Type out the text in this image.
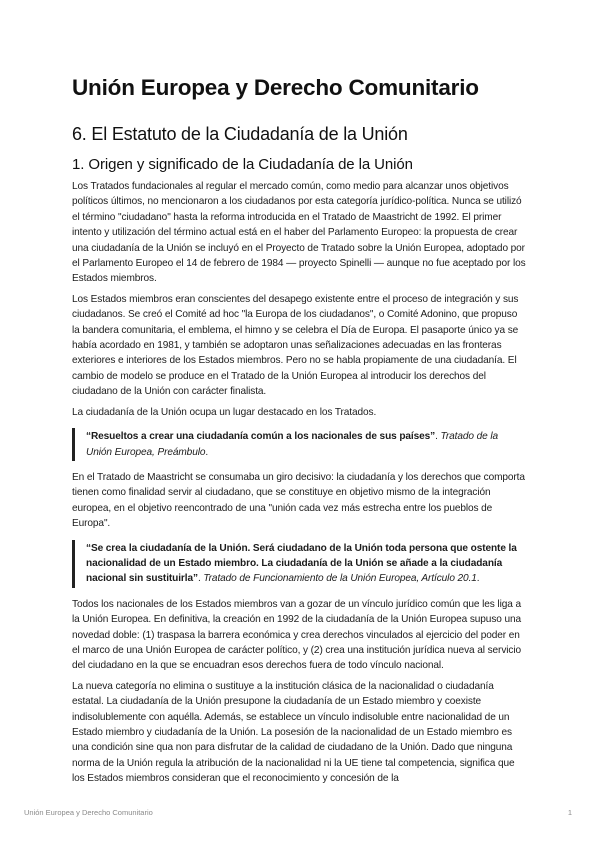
Unión Europea y Derecho Comunitario
6. El Estatuto de la Ciudadanía de la Unión
1. Origen y significado de la Ciudadanía de la Unión

Los Tratados fundacionales al regular el mercado común, como medio para alcanzar unos objetivos políticos últimos, no mencionaron a los ciudadanos por esta categoría jurídico-política. Nunca se utilizó el término "ciudadano" hasta la reforma introducida en el Tratado de Maastricht de 1992. El primer intento y utilización del término actual está en el haber del Parlamento Europeo: la propuesta de crear una ciudadanía de la Unión se incluyó en el Proyecto de Tratado sobre la Unión Europea, adoptado por el Parlamento Europeo el 14 de febrero de 1984 — proyecto Spinelli — aunque no fue aceptado por los Estados miembros.

Los Estados miembros eran conscientes del desapego existente entre el proceso de integración y sus ciudadanos. Se creó el Comité ad hoc "la Europa de los ciudadanos", o Comité Adonino, que propuso la bandera comunitaria, el emblema, el himno y se celebra el Día de Europa. El pasaporte único ya se había acordado en 1981, y también se adoptaron unas señalizaciones adecuadas en las fronteras exteriores e interiores de los Estados miembros. Pero no se habla propiamente de una ciudadanía. El cambio de modelo se produce en el Tratado de la Unión Europea al introducir los derechos del ciudadano de la Unión con carácter finalista.

La ciudadanía de la Unión ocupa un lugar destacado en los Tratados.

“Resueltos a crear una ciudadanía común a los nacionales de sus países”. Tratado de la Unión Europea, Preámbulo.

En el Tratado de Maastricht se consumaba un giro decisivo: la ciudadanía y los derechos que comporta tienen como finalidad servir al ciudadano, que se constituye en objetivo mismo de la integración europea, en el objetivo reencontrado de una "unión cada vez más estrecha entre los pueblos de Europa".

“Se crea la ciudadanía de la Unión. Será ciudadano de la Unión toda persona que ostente la nacionalidad de un Estado miembro. La ciudadanía de la Unión se añade a la ciudadanía nacional sin sustituirla”. Tratado de Funcionamiento de la Unión Europea, Artículo 20.1.

Todos los nacionales de los Estados miembros van a gozar de un vínculo jurídico común que les liga a la Unión Europea. En definitiva, la creación en 1992 de la ciudadanía de la Unión Europea supuso una novedad doble: (1) traspasa la barrera económica y crea derechos vinculados al ejercicio del poder en el marco de una Unión Europea de carácter político, y (2) crea una institución jurídica nueva al servicio del ciudadano en la que se encuadran esos derechos fuera de todo vínculo nacional.

La nueva categoría no elimina o sustituye a la institución clásica de la nacionalidad o ciudadanía estatal. La ciudadanía de la Unión presupone la ciudadanía de un Estado miembro y coexiste indisolublemente con aquélla. Además, se establece un vínculo indisoluble entre nacionalidad de un Estado miembro y ciudadanía de la Unión. La posesión de la nacionalidad de un Estado miembro es una condición sine qua non para disfrutar de la calidad de ciudadano de la Unión. Dado que ninguna norma de la Unión regula la atribución de la nacionalidad ni la UE tiene tal competencia, significa que los Estados miembros consideran que el reconocimiento y concesión de la

Unión Europea y Derecho Comunitario	1
